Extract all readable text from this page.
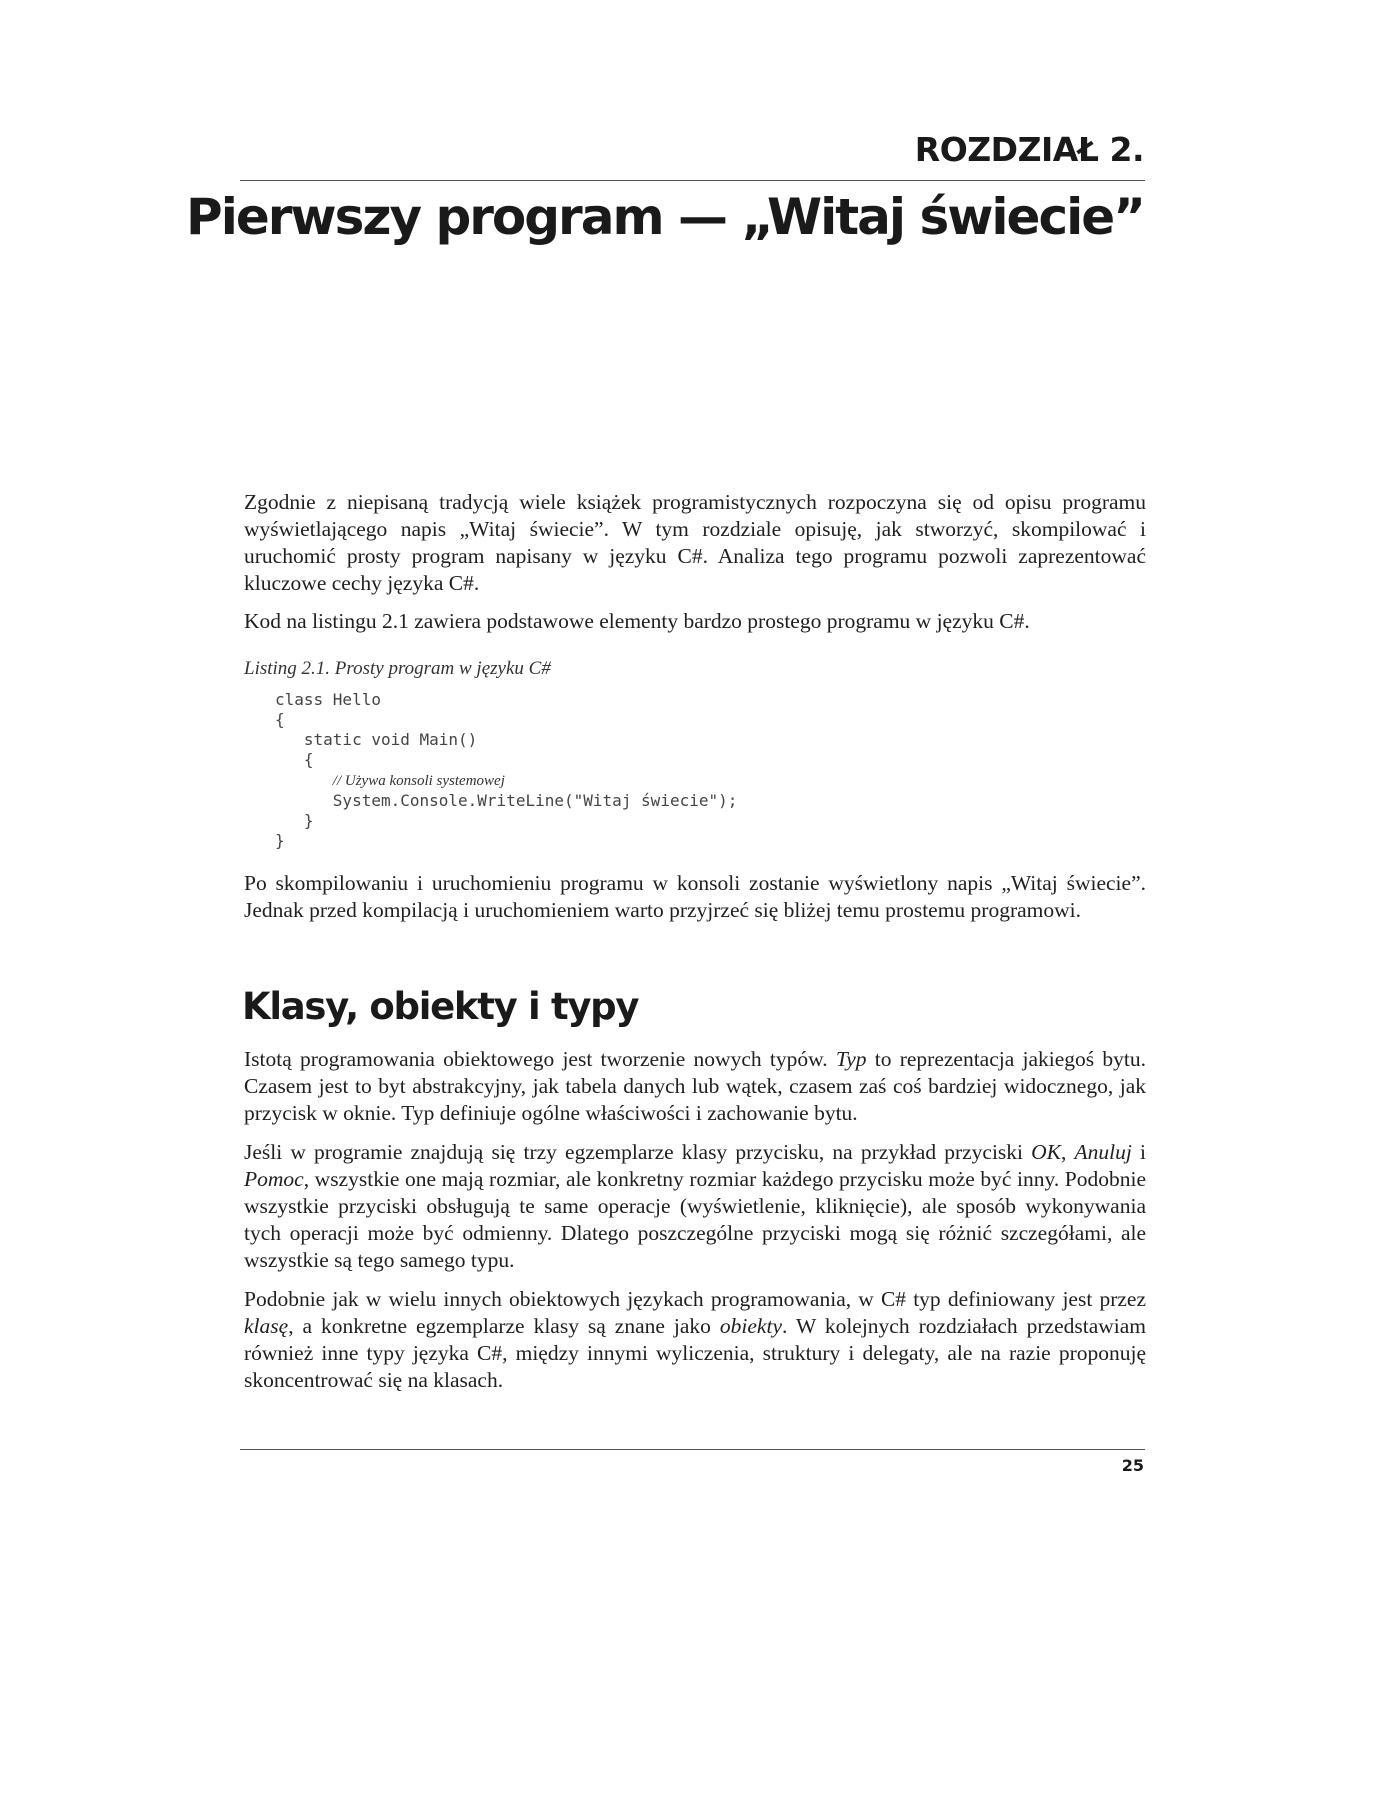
ROZDZIAŁ 2.
Pierwszy program — „Witaj świecie”

Zgodnie z niepisaną tradycją wiele książek programistycznych rozpoczyna się od opisu programu wyświetlającego napis „Witaj świecie”. W tym rozdziale opisuję, jak stworzyć, skompilować i uruchomić prosty program napisany w języku C#. Analiza tego programu pozwoli zaprezentować kluczowe cechy języka C#.

Kod na listingu 2.1 zawiera podstawowe elementy bardzo prostego programu w języku C#.

Listing 2.1. Prosty program w języku C#
class Hello
{
static void Main()
{
// Używa konsoli systemowej
System.Console.WriteLine("Witaj świecie");
}
}

Po skompilowaniu i uruchomieniu programu w konsoli zostanie wyświetlony napis „Witaj świecie”. Jednak przed kompilacją i uruchomieniem warto przyjrzeć się bliżej temu prostemu programowi.

Klasy, obiekty i typy

Istotą programowania obiektowego jest tworzenie nowych typów. Typ to reprezentacja jakiegoś bytu. Czasem jest to byt abstrakcyjny, jak tabela danych lub wątek, czasem zaś coś bardziej widocznego, jak przycisk w oknie. Typ definiuje ogólne właściwości i zachowanie bytu.

Jeśli w programie znajdują się trzy egzemplarze klasy przycisku, na przykład przyciski OK, Anuluj i Pomoc, wszystkie one mają rozmiar, ale konkretny rozmiar każdego przycisku może być inny. Podobnie wszystkie przyciski obsługują te same operacje (wyświetlenie, kliknięcie), ale sposób wykonywania tych operacji może być odmienny. Dlatego poszczególne przyciski mogą się różnić szczegółami, ale wszystkie są tego samego typu.

Podobnie jak w wielu innych obiektowych językach programowania, w C# typ definiowany jest przez klasę, a konkretne egzemplarze klasy są znane jako obiekty. W kolejnych rozdziałach przedstawiam również inne typy języka C#, między innymi wyliczenia, struktury i delegaty, ale na razie proponuję skoncentrować się na klasach.

25
